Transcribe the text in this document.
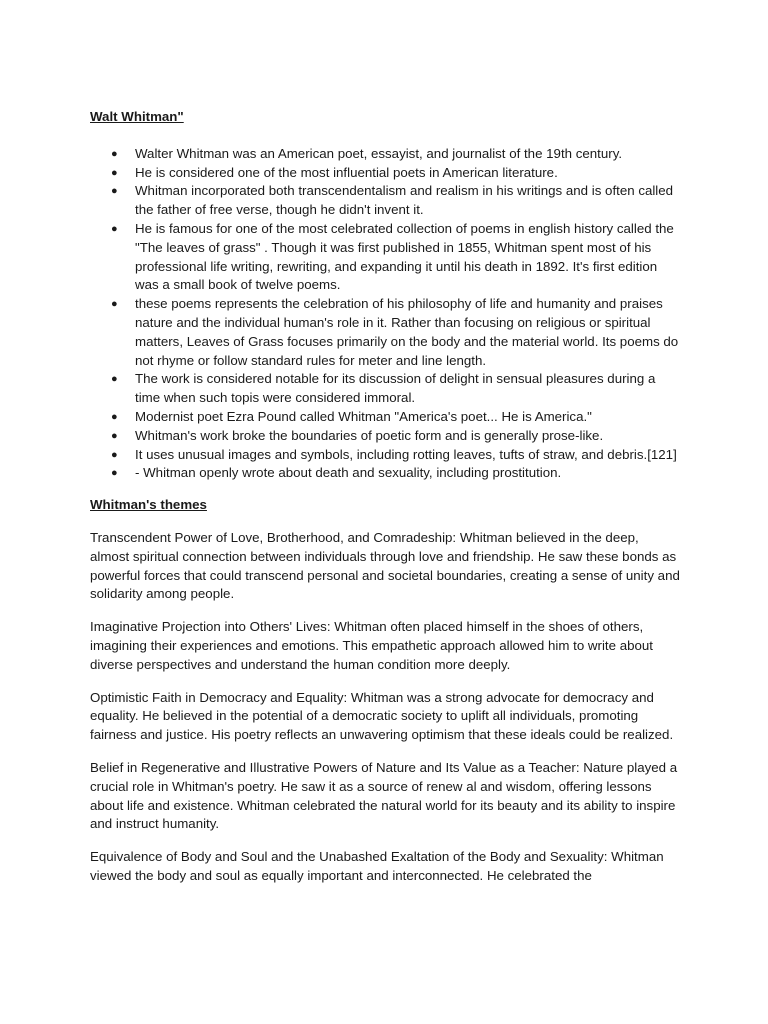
Walt Whitman"

● Walter Whitman was an American poet, essayist, and journalist of the 19th century.
● He is considered one of the most influential poets in American literature.
● Whitman incorporated both transcendentalism and realism in his writings and is often called the father of free verse, though he didn't invent it.
● He is famous for one of the most celebrated collection of poems in english history called the "The leaves of grass" . Though it was first published in 1855, Whitman spent most of his professional life writing, rewriting, and expanding it until his death in 1892. It's first edition was a small book of twelve poems.
● these poems represents the celebration of his philosophy of life and humanity and praises nature and the individual human's role in it. Rather than focusing on religious or spiritual matters, Leaves of Grass focuses primarily on the body and the material world. Its poems do not rhyme or follow standard rules for meter and line length.
● The work is considered notable for its discussion of delight in sensual pleasures during a time when such topis were considered immoral.
● Modernist poet Ezra Pound called Whitman "America's poet... He is America."
● Whitman's work broke the boundaries of poetic form and is generally prose-like.
● It uses unusual images and symbols, including rotting leaves, tufts of straw, and debris.[121]
● - Whitman openly wrote about death and sexuality, including prostitution.

Whitman's themes

Transcendent Power of Love, Brotherhood, and Comradeship: Whitman believed in the deep, almost spiritual connection between individuals through love and friendship. He saw these bonds as powerful forces that could transcend personal and societal boundaries, creating a sense of unity and solidarity among people.

Imaginative Projection into Others' Lives: Whitman often placed himself in the shoes of others, imagining their experiences and emotions. This empathetic approach allowed him to write about diverse perspectives and understand the human condition more deeply.

Optimistic Faith in Democracy and Equality: Whitman was a strong advocate for democracy and equality. He believed in the potential of a democratic society to uplift all individuals, promoting fairness and justice. His poetry reflects an unwavering optimism that these ideals could be realized.

Belief in Regenerative and Illustrative Powers of Nature and Its Value as a Teacher: Nature played a crucial role in Whitman's poetry. He saw it as a source of renew al and wisdom, offering lessons about life and existence. Whitman celebrated the natural world for its beauty and its ability to inspire and instruct humanity.

Equivalence of Body and Soul and the Unabashed Exaltation of the Body and Sexuality: Whitman viewed the body and soul as equally important and interconnected. He celebrated the
